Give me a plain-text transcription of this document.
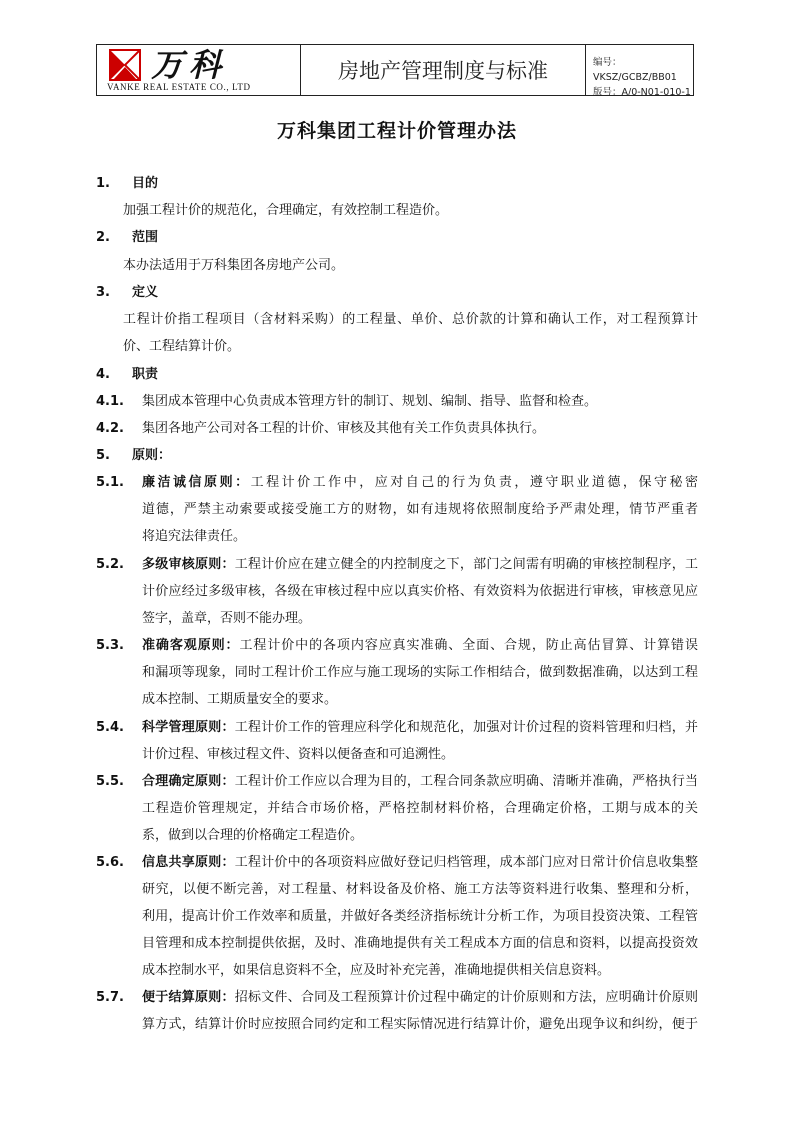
万科
VANKE REAL ESTATE CO., LTD
房地产管理制度与标准	编号：VKSZ/GCBZ/BB01
版号：A/0-N01-010-1
万科集团工程计价管理办法
1. 目的
加强工程计价的规范化，合理确定，有效控制工程造价。
2. 范围
本办法适用于万科集团各房地产公司。
3. 定义
工程计价指工程项目（含材料采购）的工程量、单价、总价款的计算和确认工作，对工程预算计
价、工程结算计价。
4. 职责
4.1. 集团成本管理中心负责成本管理方针的制订、规划、编制、指导、监督和检查。
4.2. 集团各地产公司对各工程的计价、审核及其他有关工作负责具体执行。
5. 原则：
5.1. 廉洁诚信原则：工程计价工作中，应对自己的行为负责，遵守职业道德，保守秘密
道德，严禁主动索要或接受施工方的财物，如有违规将依照制度给予严肃处理，情节严重者
将追究法律责任。
5.2. 多级审核原则：工程计价应在建立健全的内控制度之下，部门之间需有明确的审核控制程序，工
计价应经过多级审核，各级在审核过程中应以真实价格、有效资料为依据进行审核，审核意见应
签字，盖章，否则不能办理。
5.3. 准确客观原则：工程计价中的各项内容应真实准确、全面、合规，防止高估冒算、计算错误
和漏项等现象，同时工程计价工作应与施工现场的实际工作相结合，做到数据准确，以达到工程
成本控制、工期质量安全的要求。
5.4. 科学管理原则：工程计价工作的管理应科学化和规范化，加强对计价过程的资料管理和归档，并
计价过程、审核过程文件、资料以便备查和可追溯性。
5.5. 合理确定原则：工程计价工作应以合理为目的，工程合同条款应明确、清晰并准确，严格执行当
工程造价管理规定，并结合市场价格，严格控制材料价格，合理确定价格，工期与成本的关
系，做到以合理的价格确定工程造价。
5.6. 信息共享原则：工程计价中的各项资料应做好登记归档管理，成本部门应对日常计价信息收集整
研究，以便不断完善，对工程量、材料设备及价格、施工方法等资料进行收集、整理和分析，
利用，提高计价工作效率和质量，并做好各类经济指标统计分析工作，为项目投资决策、工程管
目管理和成本控制提供依据，及时、准确地提供有关工程成本方面的信息和资料，以提高投资效
成本控制水平，如果信息资料不全，应及时补充完善，准确地提供相关信息资料。
5.7. 便于结算原则：招标文件、合同及工程预算计价过程中确定的计价原则和方法，应明确计价原则
算方式，结算计价时应按照合同约定和工程实际情况进行结算计价，避免出现争议和纠纷，便于
